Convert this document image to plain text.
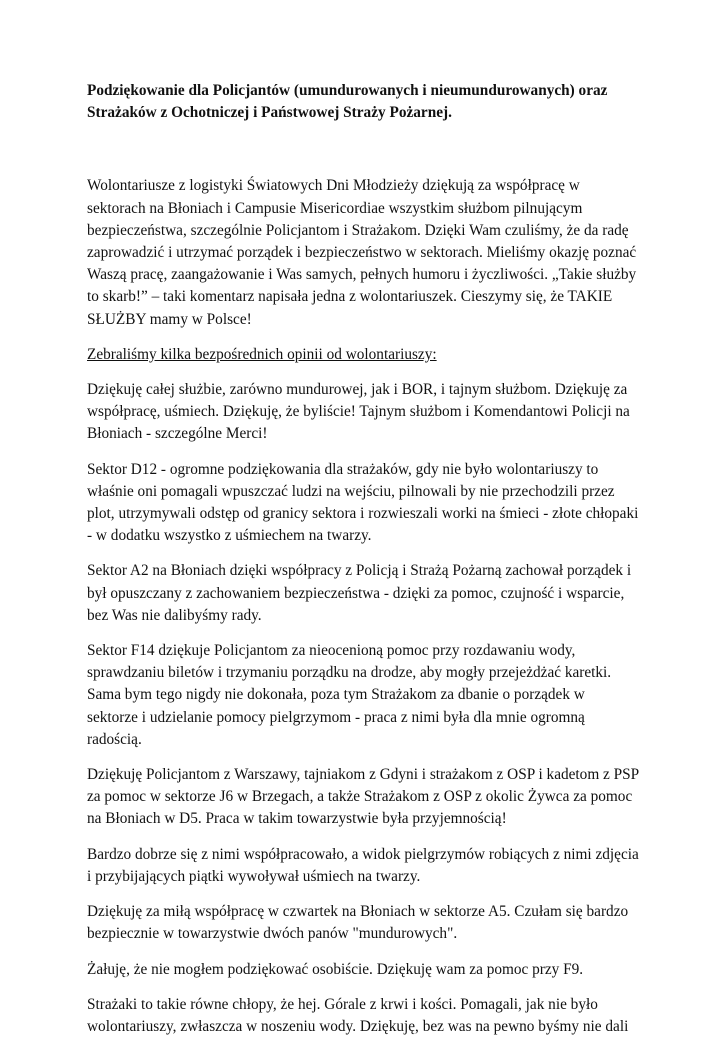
Podziękowanie dla Policjantów (umundurowanych i nieumundurowanych) oraz Strażaków z Ochotniczej i Państwowej Straży Pożarnej.

Wolontariusze z logistyki Światowych Dni Młodzieży dziękują za współpracę w sektorach na Błoniach i Campusie Misericordiae wszystkim służbom pilnującym bezpieczeństwa, szczególnie Policjantom i Strażakom. Dzięki Wam czuliśmy, że da radę zaprowadzić i utrzymać porządek i bezpieczeństwo w sektorach. Mieliśmy okazję poznać Waszą pracę, zaangażowanie i Was samych, pełnych humoru i życzliwości. „Takie służby to skarb!” – taki komentarz napisała jedna z wolontariuszek. Cieszymy się, że TAKIE SŁUŻBY mamy w Polsce!

Zebraliśmy kilka bezpośrednich opinii od wolontariuszy:

Dziękuję całej służbie, zarówno mundurowej, jak i BOR, i tajnym służbom. Dziękuję za współpracę, uśmiech. Dziękuję, że byliście! Tajnym służbom i Komendantowi Policji na Błoniach - szczególne Merci!

Sektor D12 - ogromne podziękowania dla strażaków, gdy nie było wolontariuszy to właśnie oni pomagali wpuszczać ludzi na wejściu, pilnowali by nie przechodzili przez plot, utrzymywali odstęp od granicy sektora i rozwieszali worki na śmieci - złote chłopaki - w dodatku wszystko z uśmiechem na twarzy.

Sektor A2 na Błoniach dzięki współpracy z Policją i Strażą Pożarną zachował porządek i był opuszczany z zachowaniem bezpieczeństwa - dzięki za pomoc, czujność i wsparcie, bez Was nie dalibyśmy rady.

Sektor F14 dziękuje Policjantom za nieocenioną pomoc przy rozdawaniu wody, sprawdzaniu biletów i trzymaniu porządku na drodze, aby mogły przejeżdżać karetki. Sama bym tego nigdy nie dokonała, poza tym Strażakom za dbanie o porządek w sektorze i udzielanie pomocy pielgrzymom - praca z nimi była dla mnie ogromną radością.

Dziękuję Policjantom z Warszawy, tajniakom z Gdyni i strażakom z OSP i kadetom z PSP za pomoc w sektorze J6 w Brzegach, a także Strażakom z OSP z okolic Żywca za pomoc na Błoniach w D5. Praca w takim towarzystwie była przyjemnością!

Bardzo dobrze się z nimi współpracowało, a widok pielgrzymów robiących z nimi zdjęcia i przybijających piątki wywoływał uśmiech na twarzy.

Dziękuję za miłą współpracę w czwartek na Błoniach w sektorze A5. Czułam się bardzo bezpiecznie w towarzystwie dwóch panów "mundurowych".

Żałuję, że nie mogłem podziękować osobiście. Dziękuję wam za pomoc przy F9.

Strażaki to takie równe chłopy, że hej. Górale z krwi i kości. Pomagali, jak nie było wolontariuszy, zwłaszcza w noszeniu wody. Dziękuję, bez was na pewno byśmy nie dali
